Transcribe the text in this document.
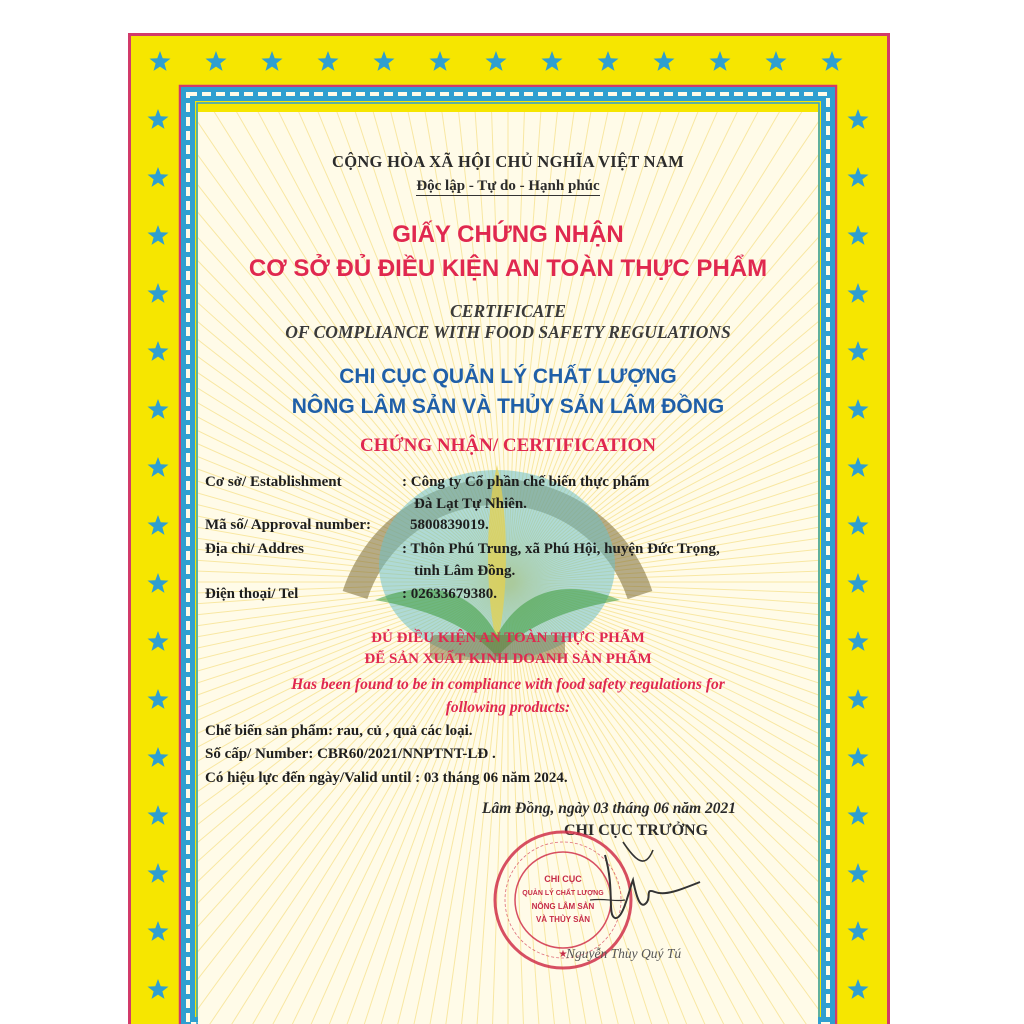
CỘNG HÒA XÃ HỘI CHỦ NGHĨA VIỆT NAM
Độc lập - Tự do - Hạnh phúc
GIẤY CHỨNG NHẬN
CƠ SỞ ĐỦ ĐIỀU KIỆN AN TOÀN THỰC PHẨM
CERTIFICATE
OF COMPLIANCE WITH FOOD SAFETY REGULATIONS
CHI CỤC QUẢN LÝ CHẤT LƯỢNG
NÔNG LÂM SẢN VÀ THỦY SẢN LÂM ĐỒNG
CHỨNG NHẬN/ CERTIFICATION
Cơ sở/ Establishment	: Công ty Cổ phần chế biến thực phẩm
Đà Lạt Tự Nhiên.
Mã số/ Approval number:	5800839019.
Địa chỉ/ Addres	: Thôn Phú Trung, xã Phú Hội, huyện Đức Trọng,
tỉnh Lâm Đồng.
Điện thoại/ Tel	: 02633679380.
ĐỦ ĐIỀU KIỆN AN TOÀN THỰC PHẨM
ĐỂ SẢN XUẤT KINH DOANH SẢN PHẨM
Has been found to be in compliance with food safety regulations for
following products:
Chế biến sản phẩm: rau, củ , quả các loại.
Số cấp/ Number: CBR60/2021/NNPTNT-LĐ .
Có hiệu lực đến ngày/Valid until : 03 tháng 06 năm 2024.
Lâm Đồng, ngày 03 tháng 06 năm 2021
CHI CỤC TRƯỞNG
CHI CỤC
QUẢN LÝ CHẤT LƯỢNG
NÔNG LÂM SẢN
VÀ THỦY SẢN
★
Nguyễn Thùy Quý Tú
